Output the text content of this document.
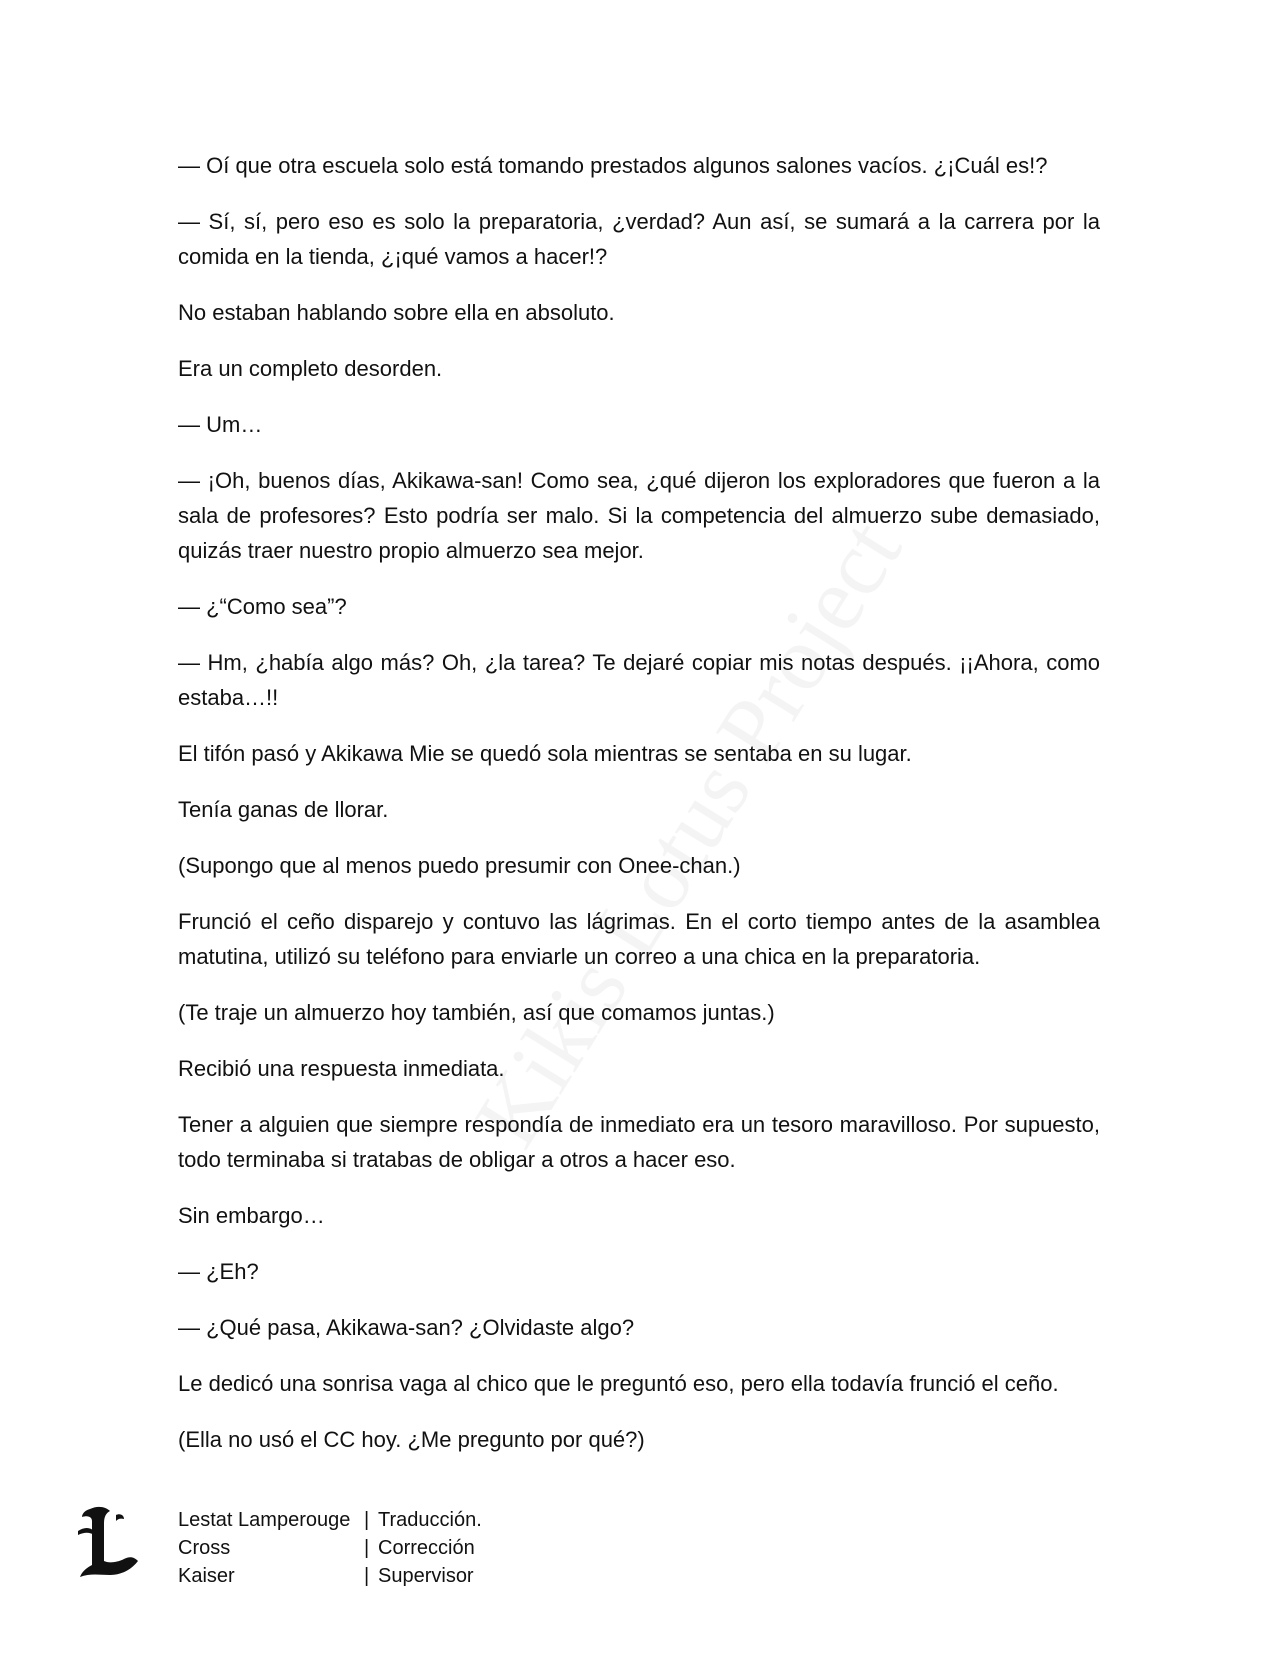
— Oí que otra escuela solo está tomando prestados algunos salones vacíos. ¿¡Cuál es!?

— Sí, sí, pero eso es solo la preparatoria, ¿verdad? Aun así, se sumará a la carrera por la comida en la tienda, ¿¡qué vamos a hacer!?

No estaban hablando sobre ella en absoluto.

Era un completo desorden.

— Um…

— ¡Oh, buenos días, Akikawa-san! Como sea, ¿qué dijeron los exploradores que fueron a la sala de profesores? Esto podría ser malo. Si la competencia del almuerzo sube demasiado, quizás traer nuestro propio almuerzo sea mejor.

— ¿“Como sea”?

— Hm, ¿había algo más? Oh, ¿la tarea? Te dejaré copiar mis notas después. ¡¡Ahora, como estaba…!!

El tifón pasó y Akikawa Mie se quedó sola mientras se sentaba en su lugar.

Tenía ganas de llorar.

(Supongo que al menos puedo presumir con Onee-chan.)

Frunció el ceño disparejo y contuvo las lágrimas. En el corto tiempo antes de la asamblea matutina, utilizó su teléfono para enviarle un correo a una chica en la preparatoria.

(Te traje un almuerzo hoy también, así que comamos juntas.)

Recibió una respuesta inmediata.

Tener a alguien que siempre respondía de inmediato era un tesoro maravilloso. Por supuesto, todo terminaba si tratabas de obligar a otros a hacer eso.

Sin embargo…

— ¿Eh?

— ¿Qué pasa, Akikawa-san? ¿Olvidaste algo?

Le dedicó una sonrisa vaga al chico que le preguntó eso, pero ella todavía frunció el ceño.

(Ella no usó el CC hoy. ¿Me pregunto por qué?)

Lestat Lamperouge | Traducción.
Cross	| Corrección
Kaiser	| Supervisor
